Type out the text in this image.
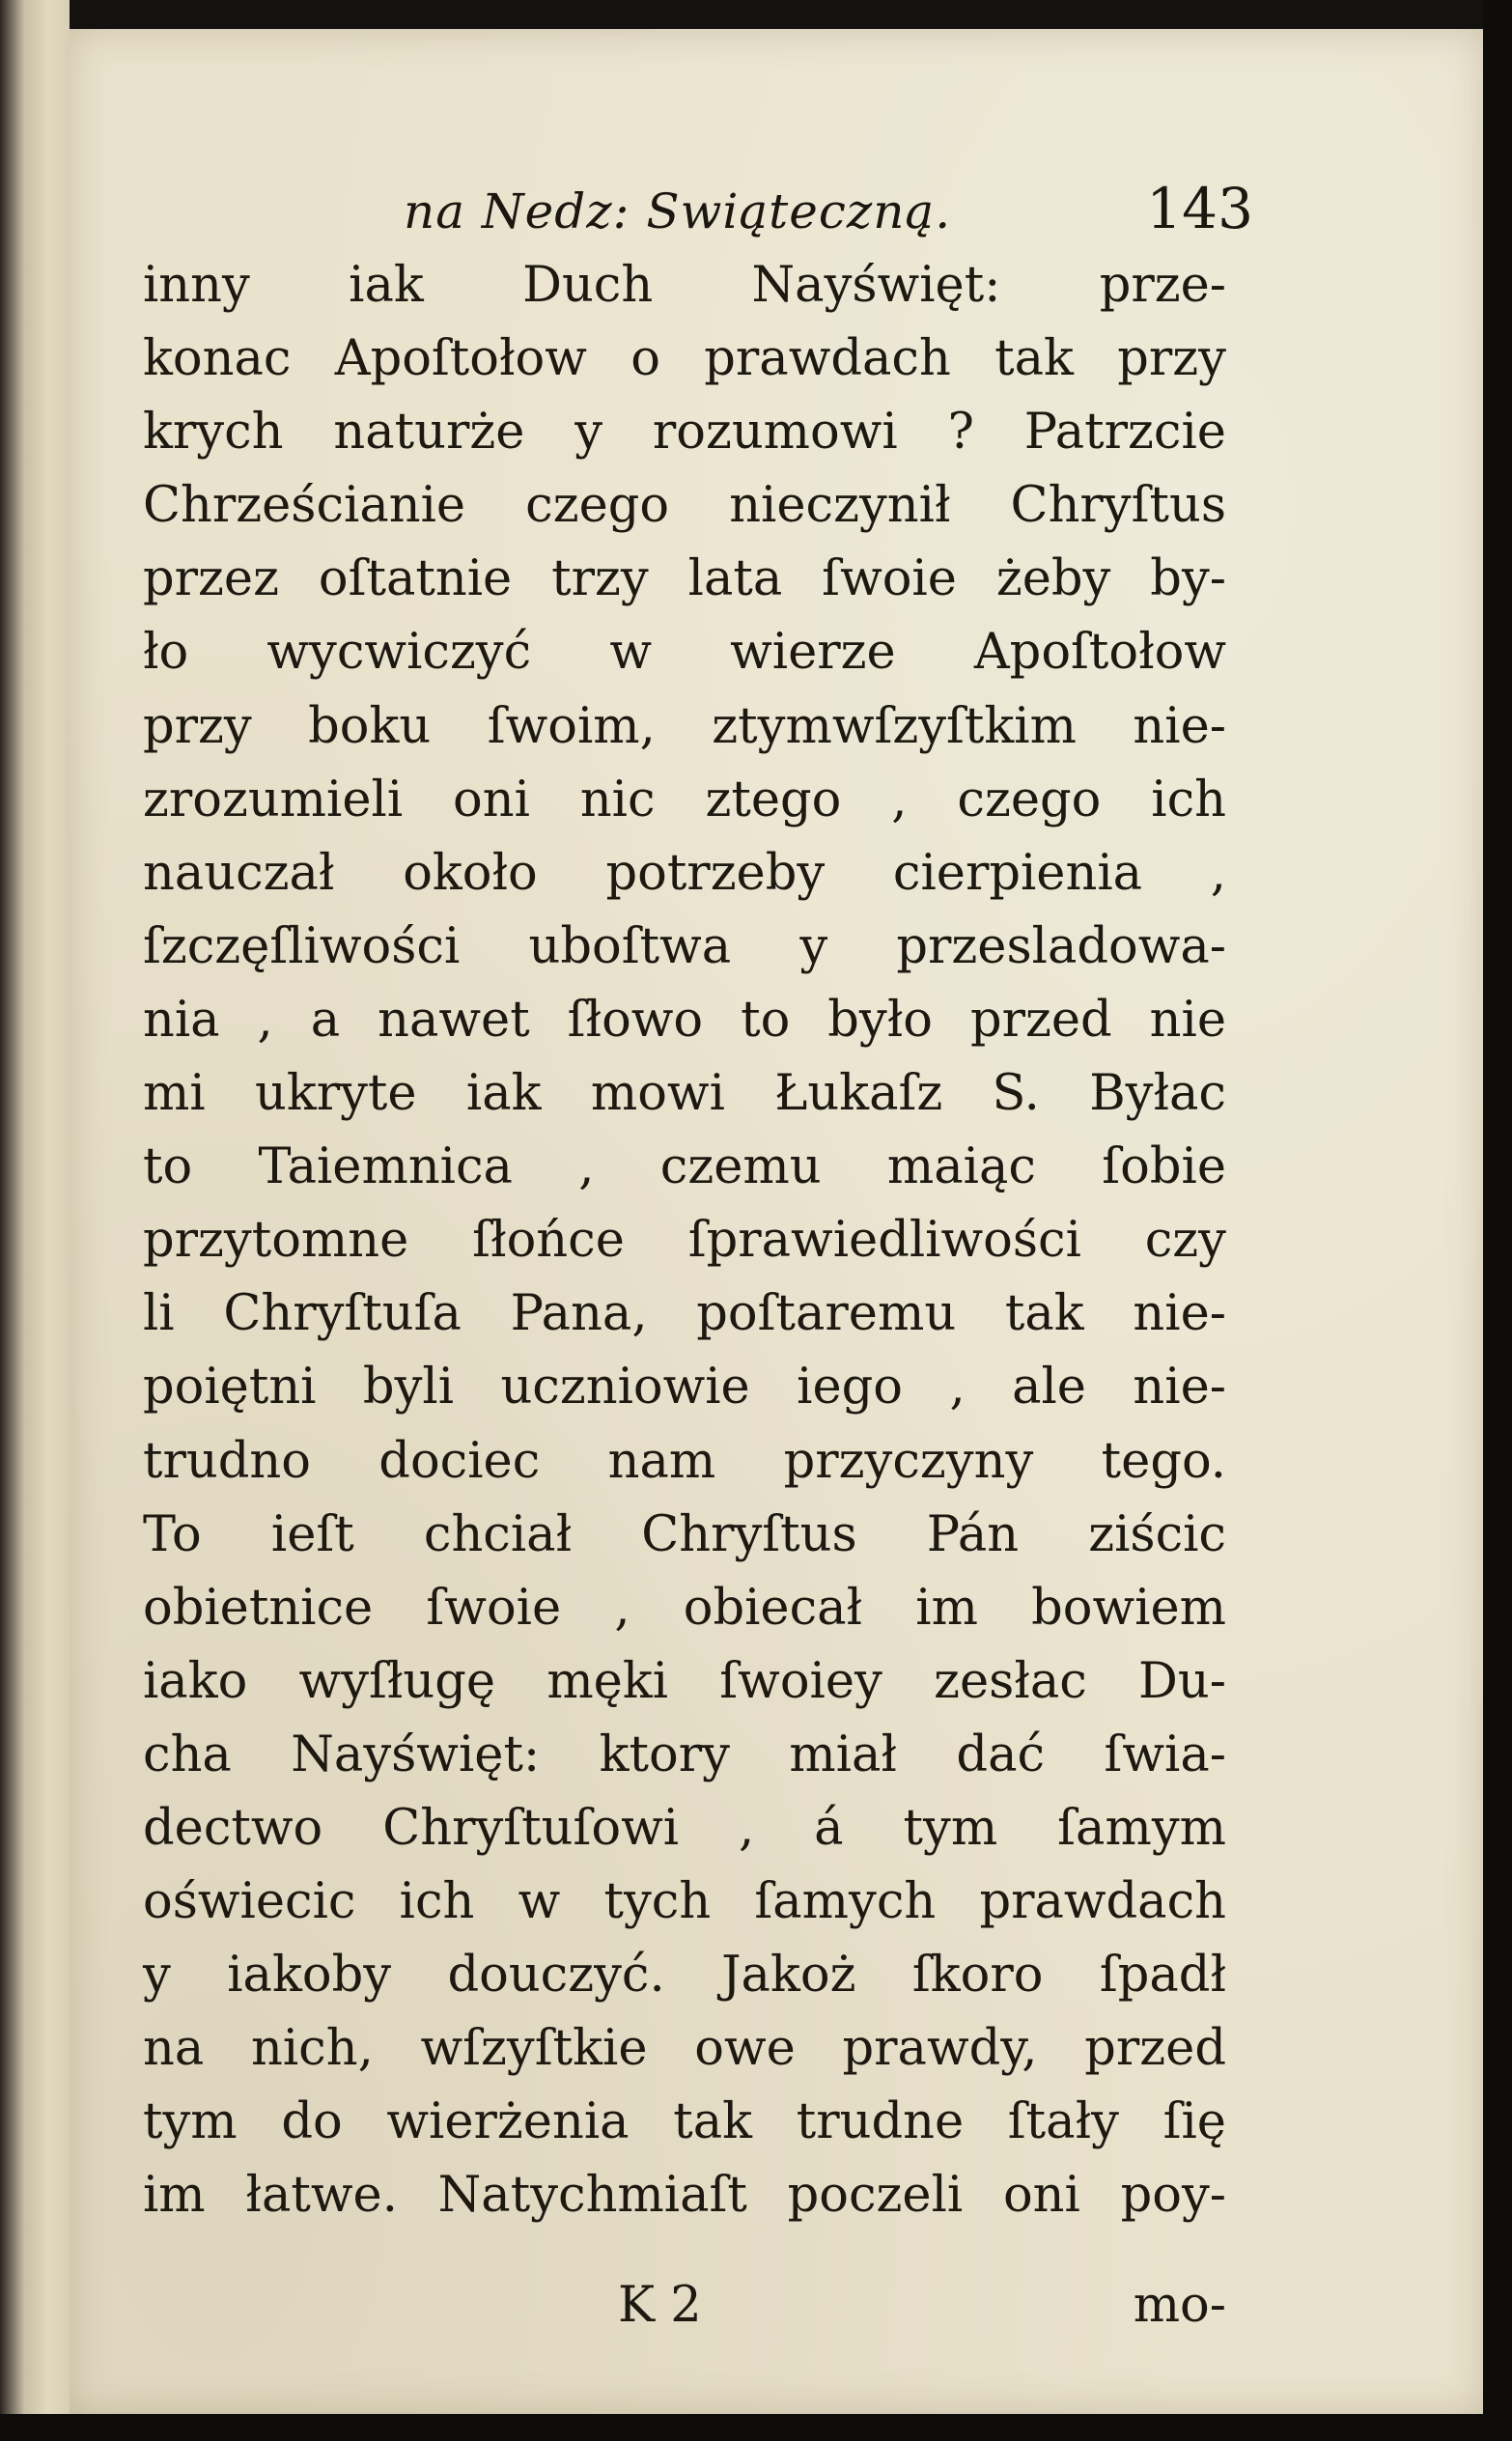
na Nedz: Swiąteczną.	143
inny iak Duch Nayświęt: prze-
konac Apoſtołow o prawdach tak przy
krych naturże y rozumowi ? Patrzcie
Chrześcianie czego nieczynił Chryſtus
przez oſtatnie trzy lata ſwoie żeby by-
ło wycwiczyć w wierze Apoſtołow
przy boku ſwoim, ztymwſzyſtkim nie-
zrozumieli oni nic ztego , czego ich
nauczał około potrzeby cierpienia ,
ſzczęſliwości uboſtwa y przesladowa-
nia , a nawet ſłowo to było przed nie
mi ukryte iak mowi Łukaſz S. Byłac
to Taiemnica , czemu maiąc ſobie
przytomne ſłońce ſprawiedliwości czy
li Chryſtuſa Pana, poſtaremu tak nie-
poiętni byli uczniowie iego , ale nie-
trudno dociec nam przyczyny tego.
To ieſt chciał Chryſtus Pán ziścic
obietnice ſwoie , obiecał im bowiem
iako wyſługę męki ſwoiey zesłac Du-
cha Nayświęt: ktory miał dać ſwia-
dectwo Chryſtuſowi , á tym ſamym
oświecic ich w tych ſamych prawdach
y iakoby douczyć. Jakoż ſkoro ſpadł
na nich, wſzyſtkie owe prawdy, przed
tym do wierżenia tak trudne ſtały ſię
im łatwe. Natychmiaſt poczeli oni poy-
K 2	mo-
